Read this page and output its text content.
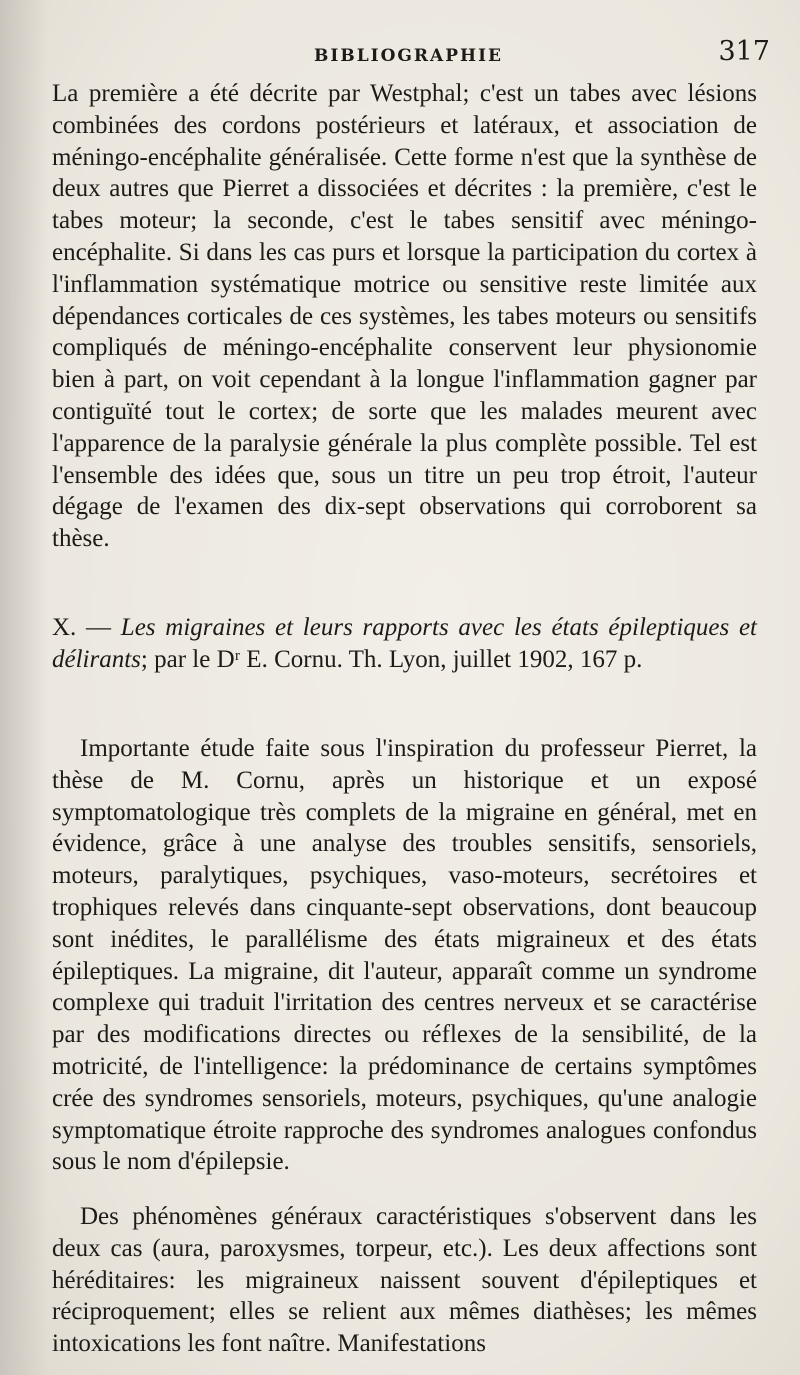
BIBLIOGRAPHIE	317

La première a été décrite par Westphal; c'est un tabes avec lésions combinées des cordons postérieurs et latéraux, et association de méningo-encéphalite généralisée. Cette forme n'est que la synthèse de deux autres que Pierret a dissociées et décrites : la première, c'est le tabes moteur; la seconde, c'est le tabes sensitif avec méningo-encéphalite. Si dans les cas purs et lorsque la participation du cortex à l'inflammation systématique motrice ou sensitive reste limitée aux dépendances corticales de ces systèmes, les tabes moteurs ou sensitifs compliqués de méningo-encéphalite conservent leur physionomie bien à part, on voit cependant à la longue l'inflammation gagner par contiguïté tout le cortex; de sorte que les malades meurent avec l'apparence de la paralysie générale la plus complète possible. Tel est l'ensemble des idées que, sous un titre un peu trop étroit, l'auteur dégage de l'examen des dix-sept observations qui corroborent sa thèse.

X. — Les migraines et leurs rapports avec les états épileptiques et délirants; par le Dʳ E. Cornu. Th. Lyon, juillet 1902, 167 p.

Importante étude faite sous l'inspiration du professeur Pierret, la thèse de M. Cornu, après un historique et un exposé symptomatologique très complets de la migraine en général, met en évidence, grâce à une analyse des troubles sensitifs, sensoriels, moteurs, paralytiques, psychiques, vaso-moteurs, secrétoires et trophiques relevés dans cinquante-sept observations, dont beaucoup sont inédites, le parallélisme des états migraineux et des états épileptiques. La migraine, dit l'auteur, apparaît comme un syndrome complexe qui traduit l'irritation des centres nerveux et se caractérise par des modifications directes ou réflexes de la sensibilité, de la motricité, de l'intelligence: la prédominance de certains symptômes crée des syndromes sensoriels, moteurs, psychiques, qu'une analogie symptomatique étroite rapproche des syndromes analogues confondus sous le nom d'épilepsie.

Des phénomènes généraux caractéristiques s'observent dans les deux cas (aura, paroxysmes, torpeur, etc.). Les deux affections sont héréditaires: les migraineux naissent souvent d'épileptiques et réciproquement; elles se relient aux mêmes diathèses; les mêmes intoxications les font naître. Manifestations
